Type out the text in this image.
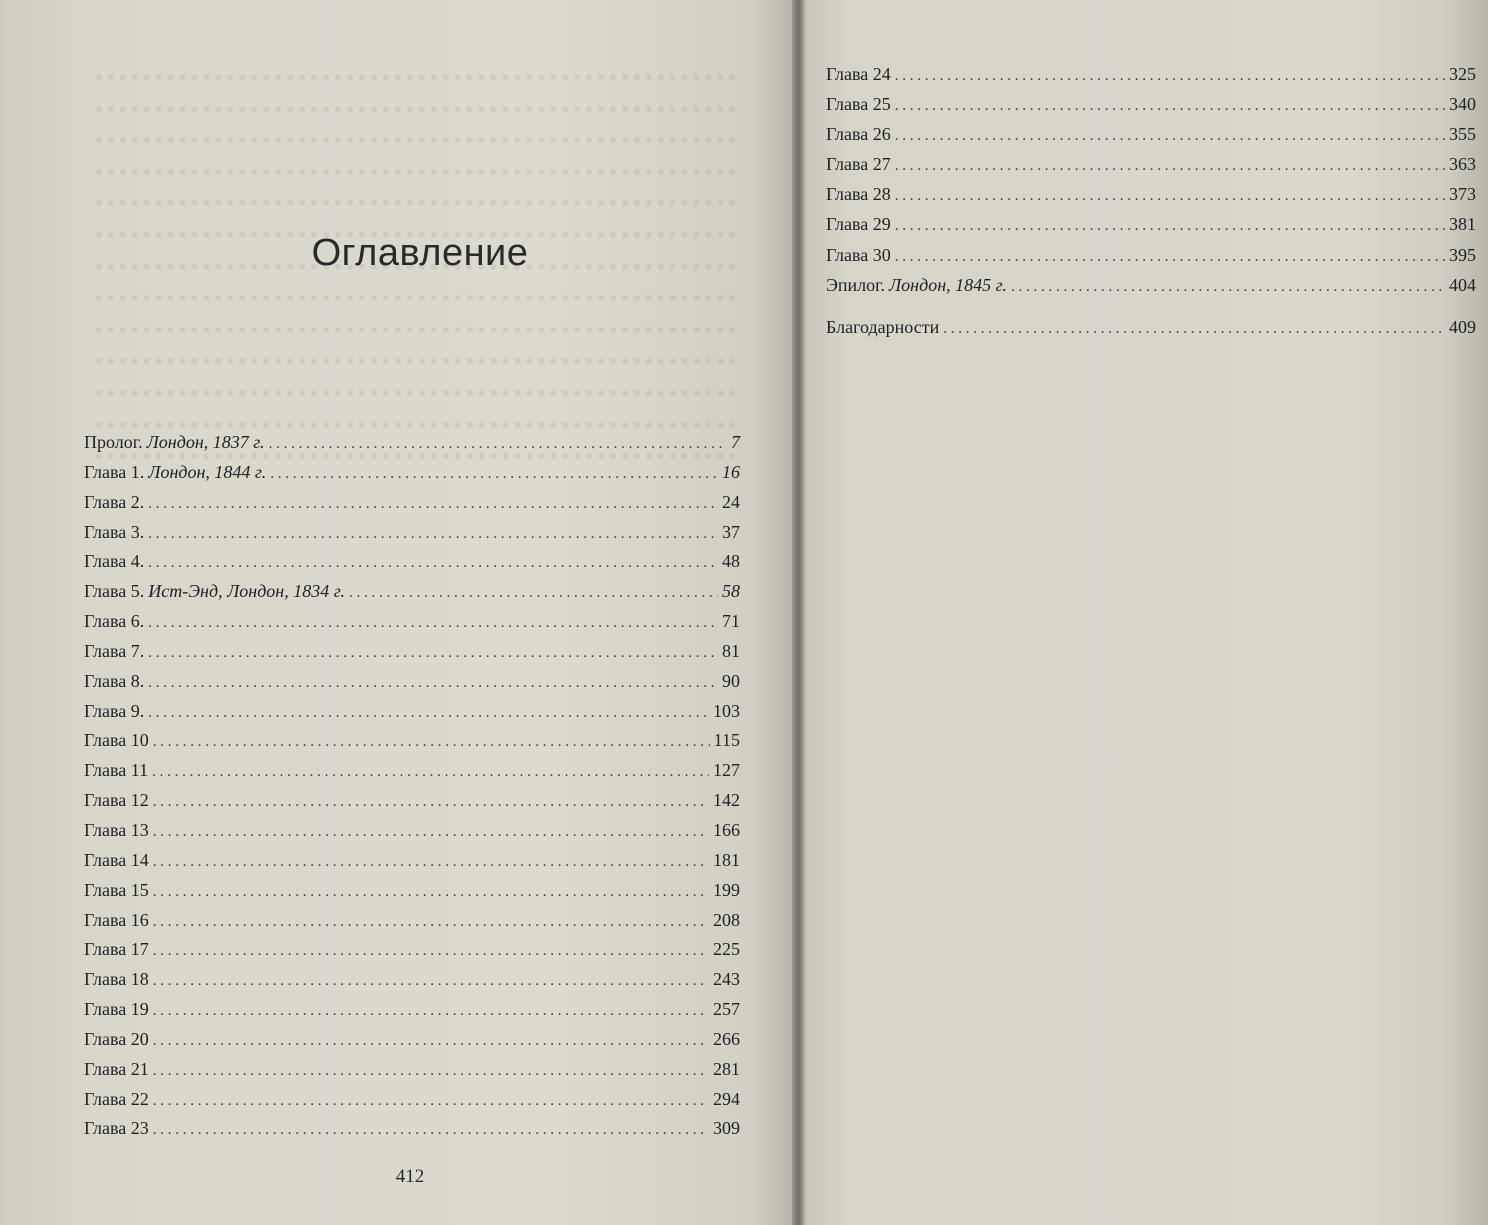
Оглавление
Пролог. Лондон, 1837 г. . . .	7
Глава 1. Лондон, 1844 г. . . .	16
Глава 2. . . .	24
Глава 3. . . .	37
Глава 4. . . .	48
Глава 5. Ист-Энд, Лондон, 1834 г. . . .	58
Глава 6. . . .	71
Глава 7. . . .	81
Глава 8. . . .	90
Глава 9. . . .	103
Глава 10 . . .	115
Глава 11 . . .	127
Глава 12 . . .	142
Глава 13 . . .	166
Глава 14 . . .	181
Глава 15 . . .	199
Глава 16 . . .	208
Глава 17 . . .	225
Глава 18 . . .	243
Глава 19 . . .	257
Глава 20 . . .	266
Глава 21 . . .	281
Глава 22 . . .	294
Глава 23 . . .	309
412
Глава 24 . . .	325
Глава 25 . . .	340
Глава 26 . . .	355
Глава 27 . . .	363
Глава 28 . . .	373
Глава 29 . . .	381
Глава 30 . . .	395
Эпилог. Лондон, 1845 г. . . .	404
Благодарности . . .	409
